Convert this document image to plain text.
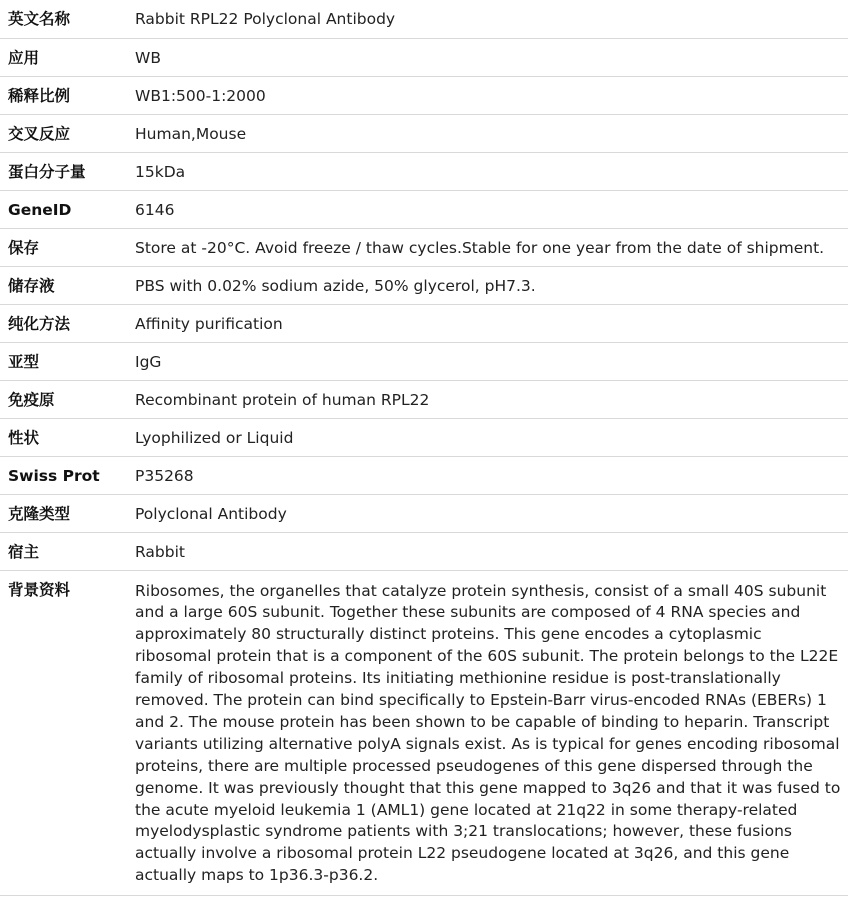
英文名称	Rabbit RPL22 Polyclonal Antibody
应用	WB
稀释比例	WB1:500-1:2000
交叉反应	Human,Mouse
蛋白分子量	15kDa
GeneID	6146
保存	Store at -20°C. Avoid freeze / thaw cycles.Stable for one year from the date of shipment.
储存液	PBS with 0.02% sodium azide, 50% glycerol, pH7.3.
纯化方法	Affinity purification
亚型	IgG
免疫原	Recombinant protein of human RPL22
性状	Lyophilized or Liquid
Swiss Prot	P35268
克隆类型	Polyclonal Antibody
宿主	Rabbit
背景资料	Ribosomes, the organelles that catalyze protein synthesis, consist of a small 40S subunit and a large 60S subunit. Together these subunits are composed of 4 RNA species and approximately 80 structurally distinct proteins. This gene encodes a cytoplasmic ribosomal protein that is a component of the 60S subunit. The protein belongs to the L22E family of ribosomal proteins. Its initiating methionine residue is post-translationally removed. The protein can bind specifically to Epstein-Barr virus-encoded RNAs (EBERs) 1 and 2. The mouse protein has been shown to be capable of binding to heparin. Transcript variants utilizing alternative polyA signals exist. As is typical for genes encoding ribosomal proteins, there are multiple processed pseudogenes of this gene dispersed through the genome. It was previously thought that this gene mapped to 3q26 and that it was fused to the acute myeloid leukemia 1 (AML1) gene located at 21q22 in some therapy-related myelodysplastic syndrome patients with 3;21 translocations; however, these fusions actually involve a ribosomal protein L22 pseudogene located at 3q26, and this gene actually maps to 1p36.3-p36.2.
